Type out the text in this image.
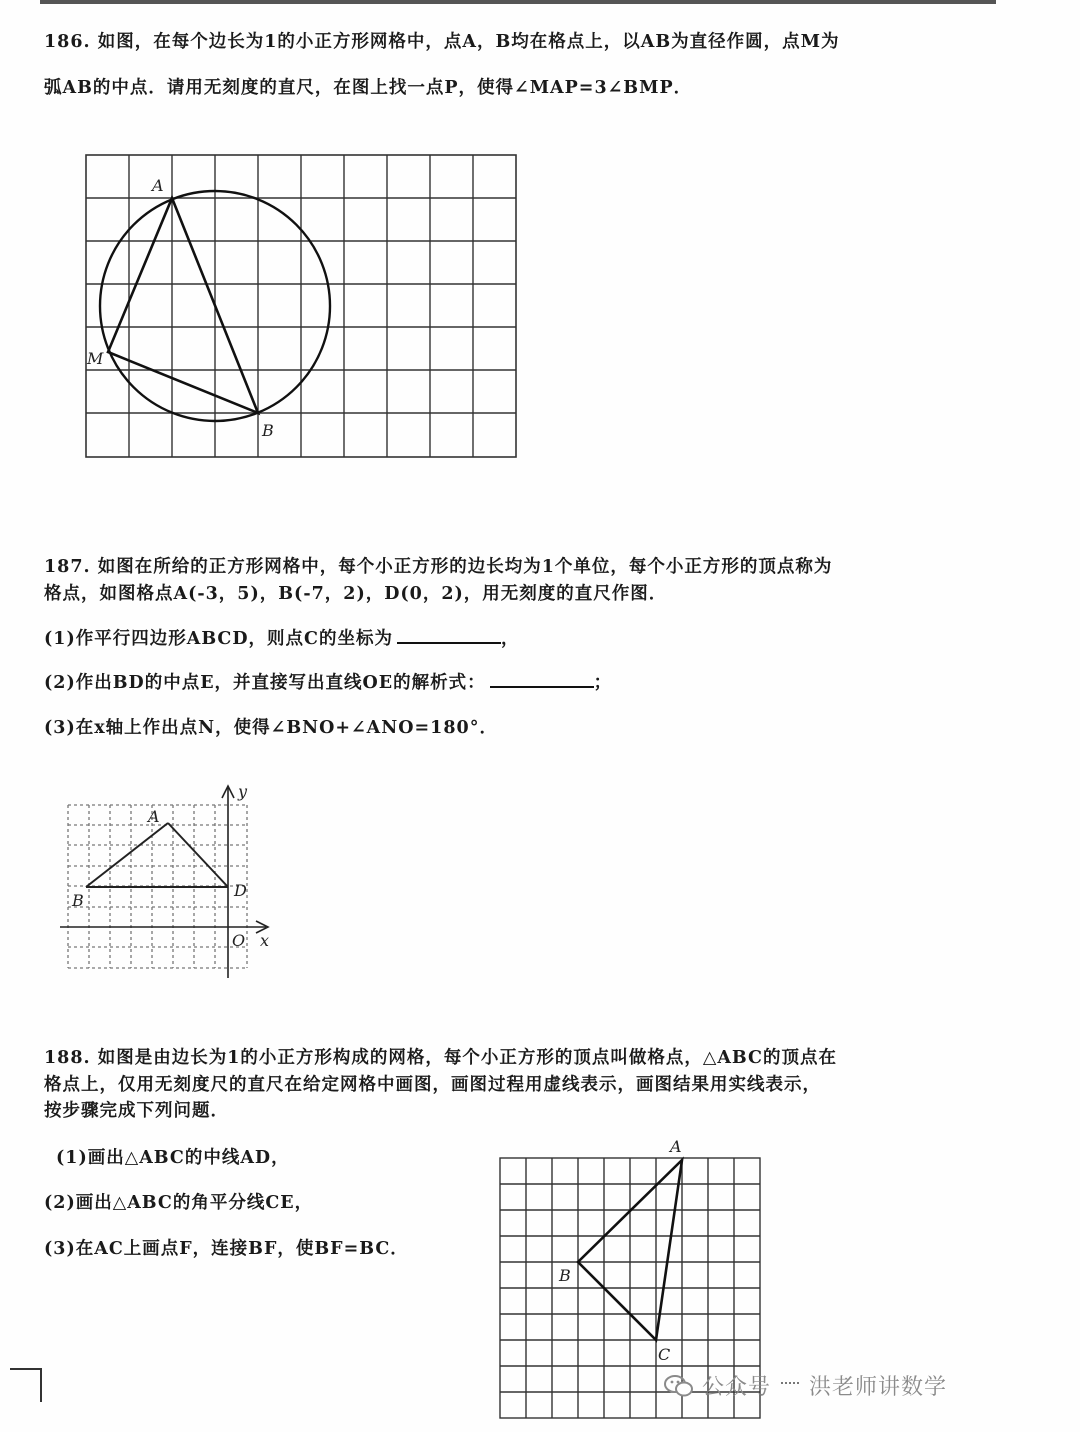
186. 如图，在每个边长为1的小正方形网格中，点A，B均在格点上，以AB为直径作圆，点M为
弧AB的中点．请用无刻度的直尺，在图上找一点P，使得∠MAP=3∠BMP．
A
M
B
187. 如图在所给的正方形网格中，每个小正方形的边长均为1个单位，每个小正方形的顶点称为
格点，如图格点A(-3，5)，B(-7，2)，D(0，2)，用无刻度的直尺作图．
(1)作平行四边形ABCD，则点C的坐标为	，
(2)作出BD的中点E，并直接写出直线OE的解析式：	；
(3)在x轴上作出点N，使得∠BNO+∠ANO=180°．
A
B
D
O x
y
188. 如图是由边长为1的小正方形构成的网格，每个小正方形的顶点叫做格点，△ABC的顶点在
格点上，仅用无刻度尺的直尺在给定网格中画图，画图过程用虚线表示，画图结果用实线表示，
按步骤完成下列问题．
(1)画出△ABC的中线AD，
(2)画出△ABC的角平分线CE，
(3)在AC上画点F，连接BF，使BF=BC．
A
B
C
公众号 洪老师讲数学
